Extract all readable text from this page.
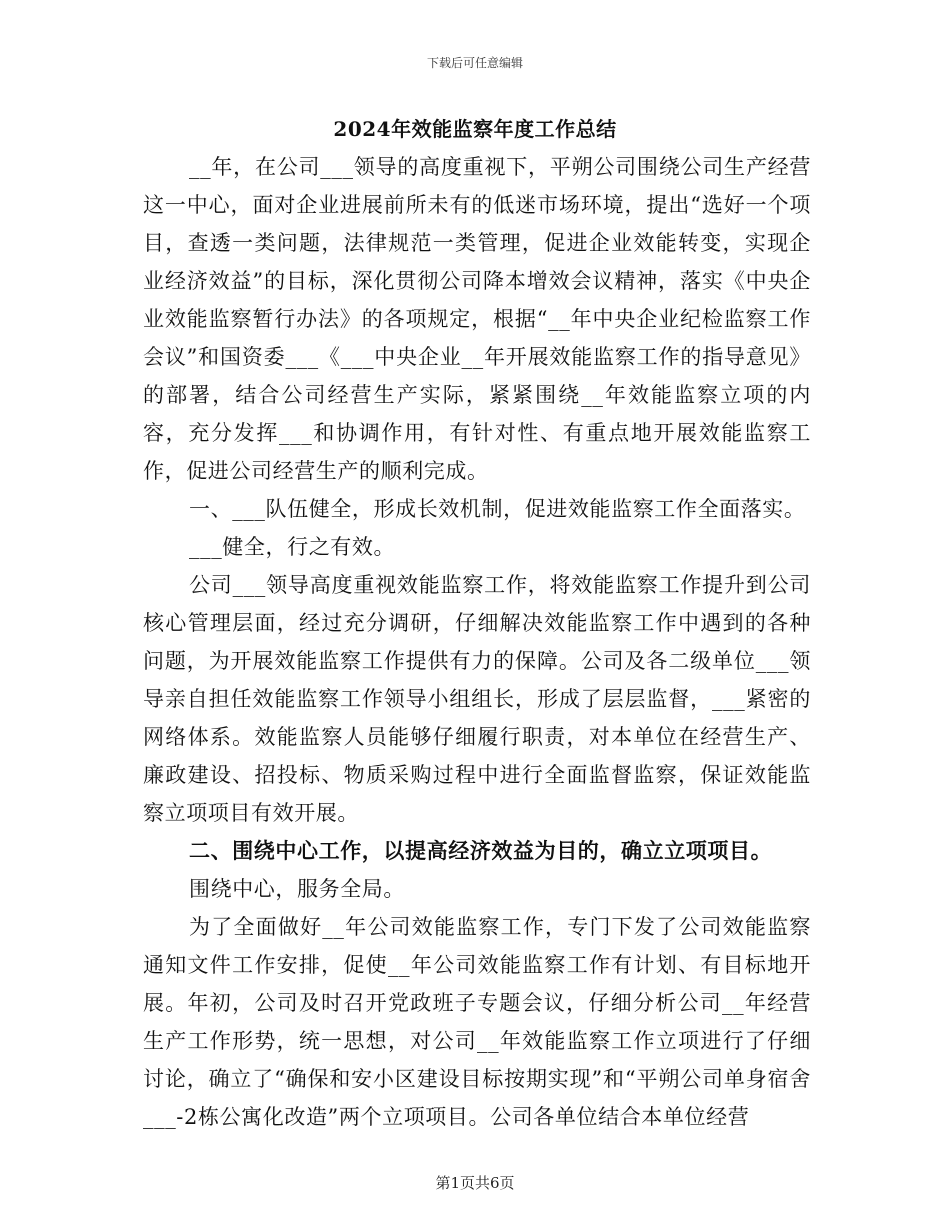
下载后可任意编辑
2024年效能监察年度工作总结

__年，在公司___领导的高度重视下，平朔公司围绕公司生产经营这一中心，面对企业进展前所未有的低迷市场环境，提出“选好一个项目，查透一类问题，法律规范一类管理，促进企业效能转变，实现企业经济效益”的目标，深化贯彻公司降本增效会议精神，落实《中央企业效能监察暂行办法》的各项规定，根据“__年中央企业纪检监察工作会议”和国资委___《___中央企业__年开展效能监察工作的指导意见》的部署，结合公司经营生产实际，紧紧围绕__年效能监察立项的内容，充分发挥___和协调作用，有针对性、有重点地开展效能监察工作，促进公司经营生产的顺利完成。

一、___队伍健全，形成长效机制，促进效能监察工作全面落实。

___健全，行之有效。

公司___领导高度重视效能监察工作，将效能监察工作提升到公司核心管理层面，经过充分调研，仔细解决效能监察工作中遇到的各种问题，为开展效能监察工作提供有力的保障。公司及各二级单位___领导亲自担任效能监察工作领导小组组长，形成了层层监督，___紧密的网络体系。效能监察人员能够仔细履行职责，对本单位在经营生产、廉政建设、招投标、物质采购过程中进行全面监督监察，保证效能监察立项项目有效开展。

二、围绕中心工作，以提高经济效益为目的，确立立项项目。

围绕中心，服务全局。

为了全面做好__年公司效能监察工作，专门下发了公司效能监察通知文件工作安排，促使__年公司效能监察工作有计划、有目标地开展。年初，公司及时召开党政班子专题会议，仔细分析公司__年经营生产工作形势，统一思想，对公司__年效能监察工作立项进行了仔细讨论，确立了“确保和安小区建设目标按期实现”和“平朔公司单身宿舍___-2栋公寓化改造”两个立项项目。公司各单位结合本单位经营

第1页共6页
